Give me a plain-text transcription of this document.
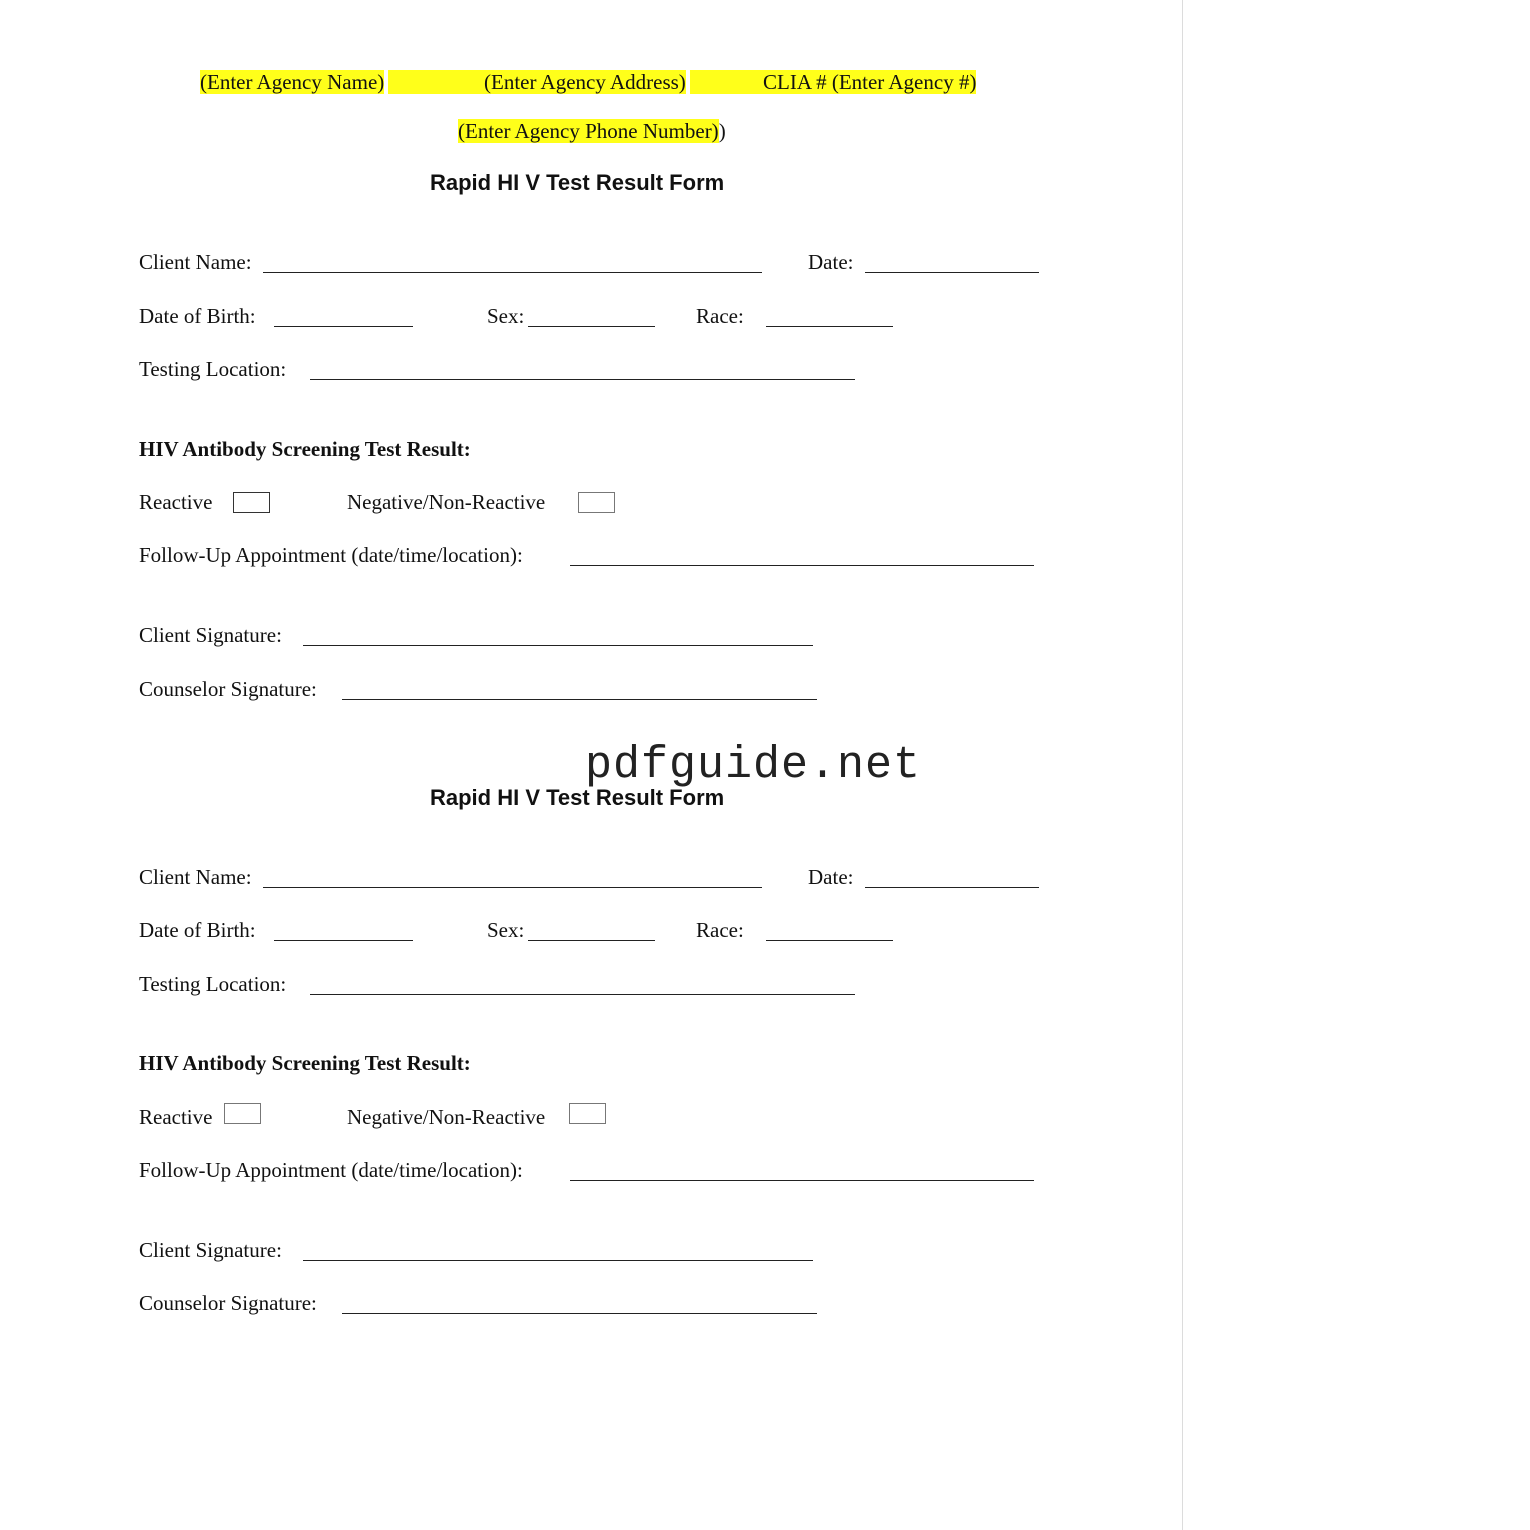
(Enter Agency Name)
	(Enter Agency Address)
	CLIA # (Enter Agency #)
(Enter Agency Phone Number))
Rapid HI V Test Result Form
Client Name:	Date:
Date of Birth:	Sex:	Race:
Testing Location:
HIV Antibody Screening Test Result:
Reactive	Negative/Non-Reactive
Follow-Up Appointment (date/time/location):
Client Signature:
Counselor Signature:
pdfguide.net
Rapid HI V Test Result Form
Client Name:	Date:
Date of Birth:	Sex:	Race:
Testing Location:
HIV Antibody Screening Test Result:
Reactive	Negative/Non-Reactive
Follow-Up Appointment (date/time/location):
Client Signature:
Counselor Signature:
